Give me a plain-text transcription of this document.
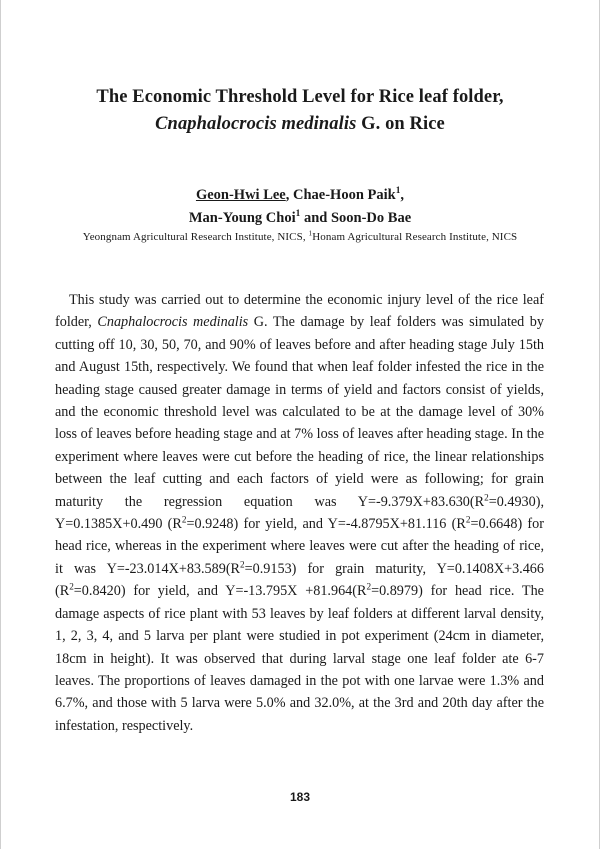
The Economic Threshold Level for Rice leaf folder,
Cnaphalocrocis medinalis G. on Rice
Geon-Hwi Lee, Chae-Hoon Paik$^1$,
Man-Young Choi$^1$ and Soon-Do Bae
Yeongnam Agricultural Research Institute, NICS, $^1$Honam Agricultural Research Institute, NICS

This study was carried out to determine the economic injury level of the rice leaf folder, Cnaphalocrocis medinalis G. The damage by leaf folders was simulated by cutting off 10, 30, 50, 70, and 90% of leaves before and after heading stage July 15th and August 15th, respectively. We found that when leaf folder infested the rice in the heading stage caused greater damage in terms of yield and factors consist of yields, and the economic threshold level was calculated to be at the damage level of 30% loss of leaves before heading stage and at 7% loss of leaves after heading stage. In the experiment where leaves were cut before the heading of rice, the linear relationships between the leaf cutting and each factors of yield were as following; for grain maturity the regression equation was $Y=-9.379X+83.630(R^2=0.4930)$, Y=0.1385X+0.490 $(R^2=0.9248)$ for yield, and Y=-4.8795X+81.116 $(R^2=0.6648)$ for head rice, whereas in the experiment where leaves were cut after the heading of rice, it was $Y=-23.014X+83.589(R^2=0.9153)$ for grain maturity, Y=0.1408X+3.466 $(R^2=0.8420)$ for yield, and $Y=-13.795X +81.964(R^2=0.8979)$ for head rice. The damage aspects of rice plant with 53 leaves by leaf folders at different larval density, 1, 2, 3, 4, and 5 larva per plant were studied in pot experiment (24cm in diameter, 18cm in height). It was observed that during larval stage one leaf folder ate 6-7 leaves. The proportions of leaves damaged in the pot with one larvae were 1.3% and 6.7%, and those with 5 larva were 5.0% and 32.0%, at the 3rd and 20th day after the infestation, respectively.

183
